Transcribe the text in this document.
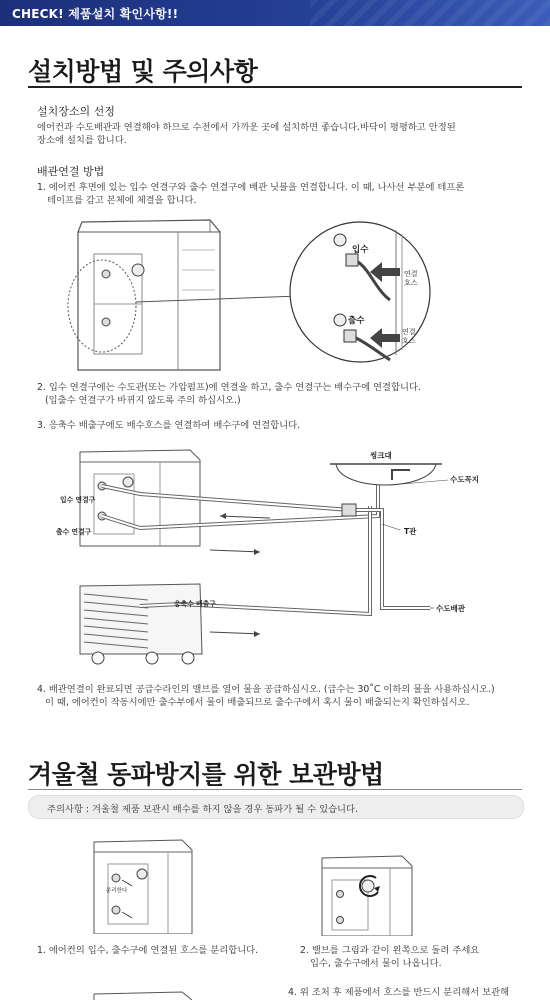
CHECK! 제품설치 확인사항!!
설치방법 및 주의사항
설치장소의 선정
에어컨과 수도배관과 연결해야 하므로 수전에서 가까운 곳에 설치하면 좋습니다.바닥이 평평하고 안정된
장소에 설치를 합니다.
배관연결 방법
1. 에어컨 후면에 있는 입수 연결구와 출수 연결구에 배관 닛블을 연결합니다. 이 때, 나사선 부분에 테프론
테이프를 감고 본체에 체결을 합니다.
입수
출수
연결
호스
연결
호스
2. 입수 연결구에는 수도관(또는 가압펌프)에 연결을 하고, 출수 연결구는 배수구에 연결합니다.
(입출수 연결구가 바뀌지 않도록 주의 하십시오.)
3. 응축수 배출구에도 배수호스를 연결하여 배수구에 연결합니다.
씽크대
수도꼭지
입수 연결구
출수 연결구	T관
응축수 배출구	수도배관
4. 배관연결이 완료되면 공급수라인의 밸브를 열어 물을 공급하십시오. (급수는 30˚C 이하의 물을 사용하십시오.)
이 때, 에어컨이 작동시에만 출수부에서 물이 배출되므로 출수구에서 혹시 물이 배출되는지 확인하십시오.
겨울철 동파방지를 위한 보관방법
주의사항 : 겨울철 제품 보관시 배수를 하지 않을 경우 동파가 될 수 있습니다.
분리한다
1. 에어컨의 입수, 출수구에 연결된 호스를 분리합니다.	2. 밸브를 그림과 같이 왼쪽으로 돌려 주세요
입수, 출수구에서 물이 나옵니다.
4. 위 조처 후 제품에서 호스를 반드시 분리해서 보관해
